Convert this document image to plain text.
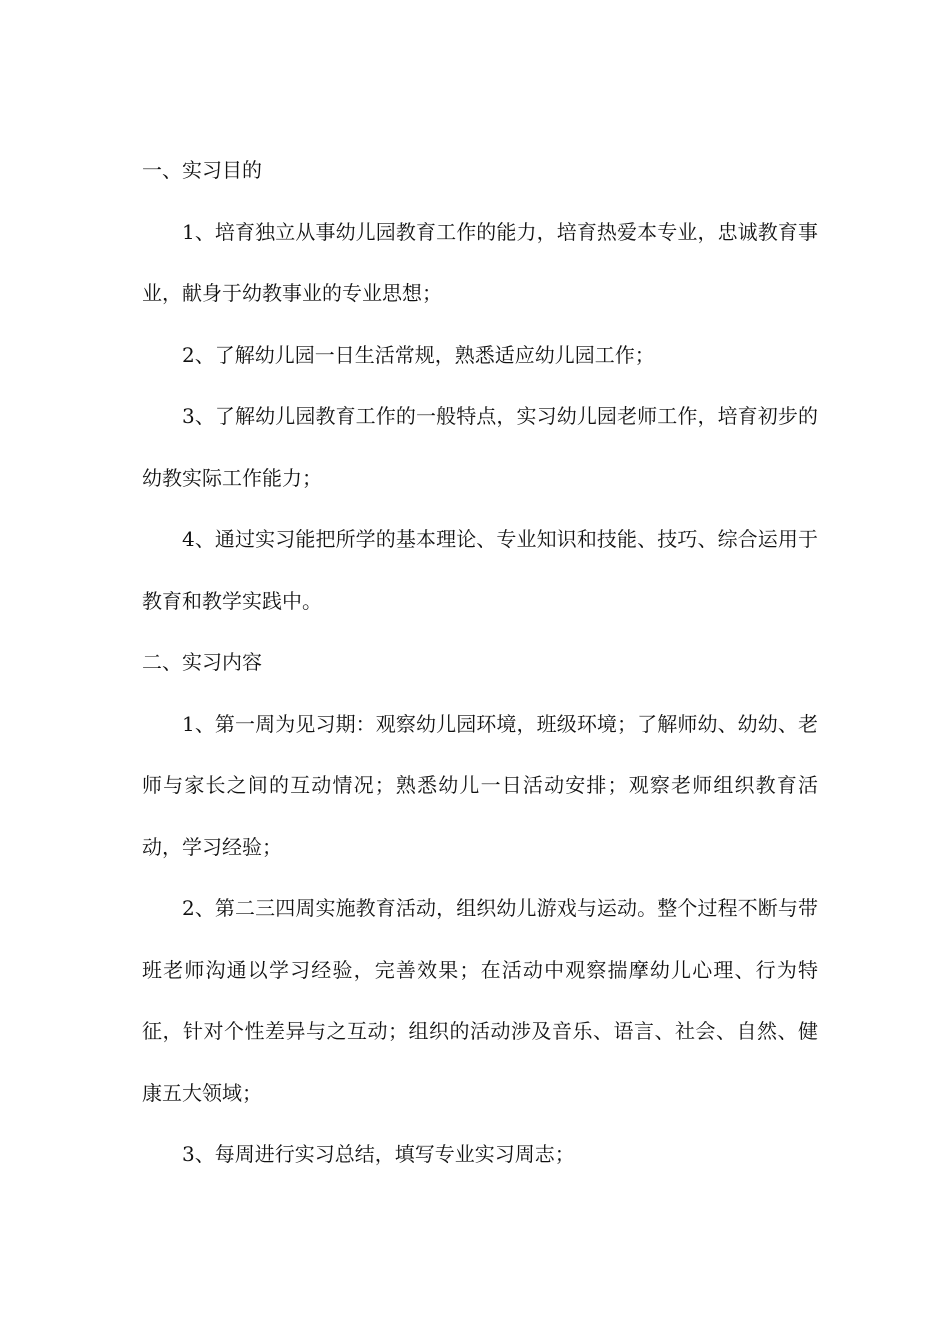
一、实习目的

1、培育独立从事幼儿园教育工作的能力，培育热爱本专业，忠诚教育事业，献身于幼教事业的专业思想；

2、了解幼儿园一日生活常规，熟悉适应幼儿园工作；

3、了解幼儿园教育工作的一般特点，实习幼儿园老师工作，培育初步的幼教实际工作能力；

4、通过实习能把所学的基本理论、专业知识和技能、技巧、综合运用于教育和教学实践中。

二、实习内容

1、第一周为见习期：观察幼儿园环境，班级环境；了解师幼、幼幼、老师与家长之间的互动情况；熟悉幼儿一日活动安排；观察老师组织教育活动，学习经验；

2、第二三四周实施教育活动，组织幼儿游戏与运动。整个过程不断与带班老师沟通以学习经验，完善效果；在活动中观察揣摩幼儿心理、行为特征，针对个性差异与之互动；组织的活动涉及音乐、语言、社会、自然、健康五大领域；

3、每周进行实习总结，填写专业实习周志；
